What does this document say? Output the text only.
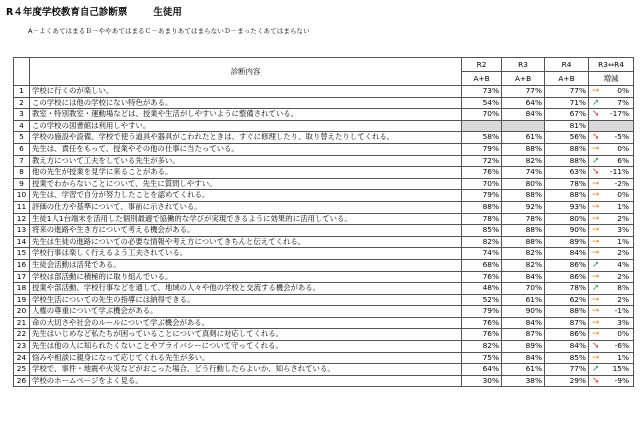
R４年度学校教育自己診断票	生徒用
A－よくあてはまるＢ－ややあてはまるＣ－あまりあてはまらないＤ－まったくあてはまらない
	診断内容	R2	R3	R4	R3⇔R4
		A+B	A+B	A+B	増減
1	学校に行くのが楽しい。	73%	77%	77%	➙ 0%

2	この学校には他の学校にない特色がある。	54%	64%	71%	➚ 7%

3	教室・特別教室・運動場などは、授業や生活がしやすいように整備されている。	70%	84%	67%	➘ -17%

4	この学校の図書館は利用しやすい。			81%	

5	学校の施設や設備、学校で使う道具や器具がこわれたときは、すぐに修理したり、取り替えたりしてくれる。	58%	61%	56%	➘ -5%

6	先生は、責任をもって、授業やその他の仕事に当たっている。	79%	88%	88%	➙ 0%

7	教え方について工夫をしている先生が多い。	72%	82%	88%	➚ 6%

8	他の先生が授業を見学に来ることがある。	76%	74%	63%	➘ -11%

9	授業でわからないことについて、先生に質問しやすい。	70%	80%	78%	➙ -2%

10	先生は、学習で自分が努力したことを認めてくれる。	79%	88%	88%	➙ 0%

11	評価の仕方や基準について、事前に示されている。	88%	92%	93%	➙ 1%

12	生徒1人1台端末を活用した個別最適で協働的な学びが実現できるように効果的に活用している。	78%	78%	80%	➙ 2%

13	将来の進路や生き方について考える機会がある。	85%	88%	90%	➙ 3%

14	先生は生徒の進路についての必要な情報や考え方についてきちんと伝えてくれる。	82%	88%	89%	➙ 1%

15	学校行事は楽しく行えるよう工夫されている。	74%	82%	84%	➙ 2%

16	生徒会活動は活発である。	68%	82%	86%	➚ 4%

17	学校は部活動に積極的に取り組んでいる。	76%	84%	86%	➙ 2%

18	授業や部活動、学校行事などを通して、地域の人々や他の学校と交流する機会がある。	48%	70%	78%	➚ 8%

19	学校生活についての先生の指導には納得できる。	52%	61%	62%	➙ 2%

20	人権の尊重について学ぶ機会がある。	79%	90%	88%	➙ -1%

21	命の大切さや社会のルールについて学ぶ機会がある。	76%	84%	87%	➙ 3%

22	先生はいじめなど私たちが困っていることについて真剣に対応してくれる。	76%	87%	86%	➙ 0%

23	先生は他の人に知られたくないことやプライバシーについて守ってくれる。	82%	89%	84%	➘ -6%

24	悩みや相談に親身になって応じてくれる先生が多い。	75%	84%	85%	➙ 1%

25	学校で、事件・地震や火災などがおこった場合、どう行動したらよいか、知らされている。	64%	61%	77%	➚ 15%

26	学校のホームページをよく見る。	30%	38%	29%	➘ -9%
